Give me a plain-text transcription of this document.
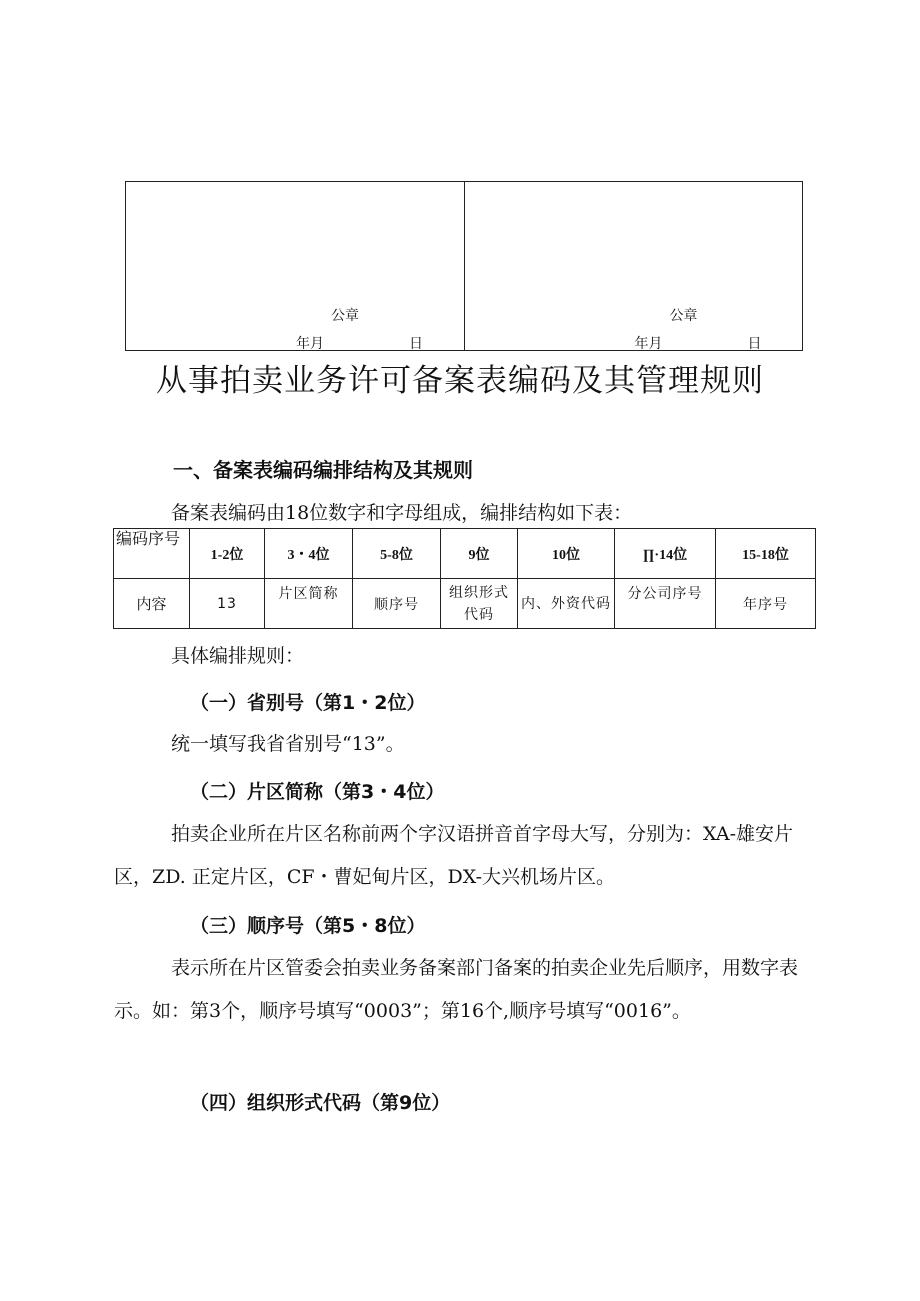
公章
年月	日
公章
年月	日
从事拍卖业务许可备案表编码及其管理规则
一、备案表编码编排结构及其规则

备案表编码由18位数字和字母组成，编排结构如下表：

编码序号	1-2位	3・4位	5-8位	9位	10位	∏·14位	15-18位
内容	13	片区简称	顺序号	组织形式代码	内、外资代码	分公司序号	年序号

具体编排规则：

（一）省别号（第1・2位）

统一填写我省省别号“13”。

（二）片区简称（第3・4位）

拍卖企业所在片区名称前两个字汉语拼音首字母大写，分别为：XA-雄安片区，ZD. 正定片区，CF・曹妃甸片区，DX-大兴机场片区。

（三）顺序号（第5・8位）

表示所在片区管委会拍卖业务备案部门备案的拍卖企业先后顺序，用数字表示。如：第3个，顺序号填写“0003”；第16个,顺序号填写“0016”。

（四）组织形式代码（第9位）
